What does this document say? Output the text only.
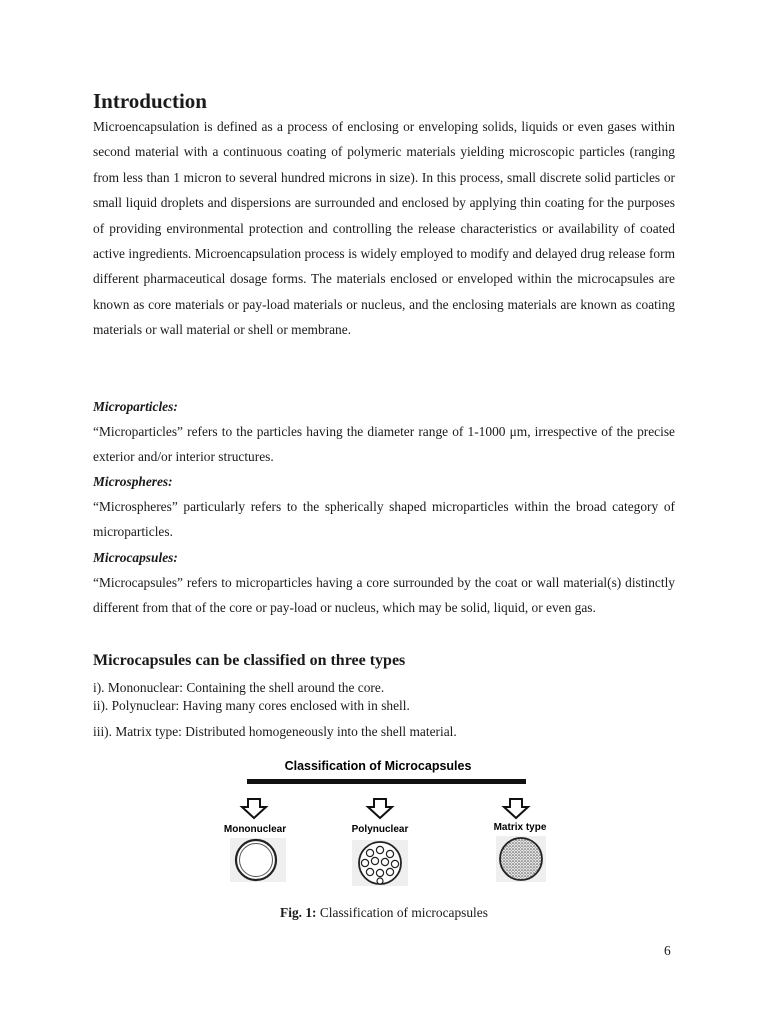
Introduction

Microencapsulation is defined as a process of enclosing or enveloping solids, liquids or even gases within second material with a continuous coating of polymeric materials yielding microscopic particles (ranging from less than 1 micron to several hundred microns in size). In this process, small discrete solid particles or small liquid droplets and dispersions are surrounded and enclosed by applying thin coating for the purposes of providing environmental protection and controlling the release characteristics or availability of coated active ingredients. Microencapsulation process is widely employed to modify and delayed drug release form different pharmaceutical dosage forms. The materials enclosed or enveloped within the microcapsules are known as core materials or pay-load materials or nucleus, and the enclosing materials are known as coating materials or wall material or shell or membrane.

Microparticles:

“Microparticles” refers to the particles having the diameter range of 1-1000 μm, irrespective of the precise exterior and/or interior structures.

Microspheres:

“Microspheres” particularly refers to the spherically shaped microparticles within the broad category of microparticles.

Microcapsules:

“Microcapsules” refers to microparticles having a core surrounded by the coat or wall material(s) distinctly different from that of the core or pay-load or nucleus, which may be solid, liquid, or even gas.

Microcapsules can be classified on three types
i). Mononuclear: Containing the shell around the core.
ii). Polynuclear: Having many cores enclosed with in shell.
iii). Matrix type: Distributed homogeneously into the shell material.
Classification of Microcapsules
Mononuclear	Polynuclear	Matrix type
Fig. 1: Classification of microcapsules
6
